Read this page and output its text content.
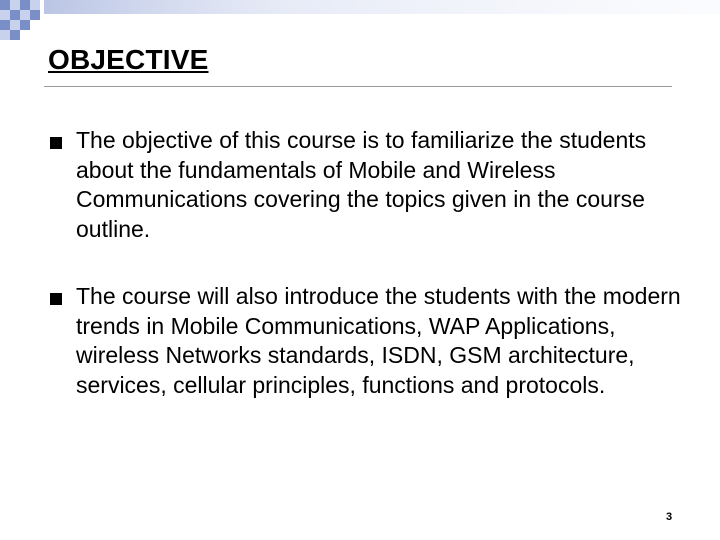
OBJECTIVE
The objective of this course is to familiarize the students about the fundamentals of Mobile and Wireless Communications covering the topics given in the course outline.
The course will also introduce the students with the modern trends in Mobile Communications, WAP Applications, wireless Networks standards, ISDN, GSM architecture, services, cellular principles, functions and protocols.
3
